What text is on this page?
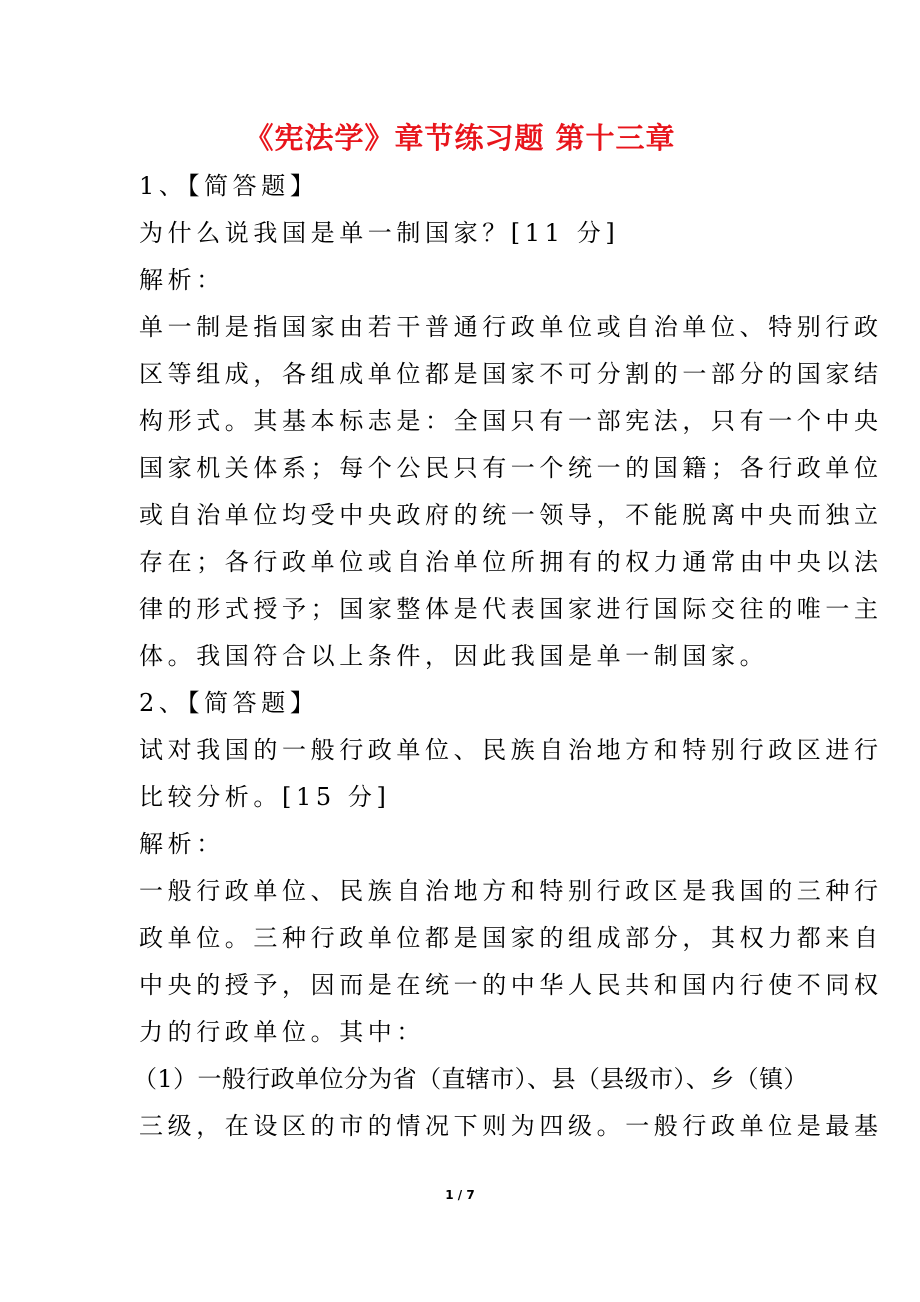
《宪法学》章节练习题 第十三章
1、【简答题】
为什么说我国是单一制国家？[11 分]
解析：
单一制是指国家由若干普通行政单位或自治单位、特别行政
区等组成，各组成单位都是国家不可分割的一部分的国家结
构形式。其基本标志是：全国只有一部宪法，只有一个中央
国家机关体系；每个公民只有一个统一的国籍；各行政单位
或自治单位均受中央政府的统一领导，不能脱离中央而独立
存在；各行政单位或自治单位所拥有的权力通常由中央以法
律的形式授予；国家整体是代表国家进行国际交往的唯一主
体。我国符合以上条件，因此我国是单一制国家。
2、【简答题】
试对我国的一般行政单位、民族自治地方和特别行政区进行
比较分析。[15 分]
解析：
一般行政单位、民族自治地方和特别行政区是我国的三种行
政单位。三种行政单位都是国家的组成部分，其权力都来自
中央的授予，因而是在统一的中华人民共和国内行使不同权
力的行政单位。其中：
（1）一般行政单位分为省（直辖市）、县（县级市）、乡（镇）
三级，在设区的市的情况下则为四级。一般行政单位是最基
1 / 7
